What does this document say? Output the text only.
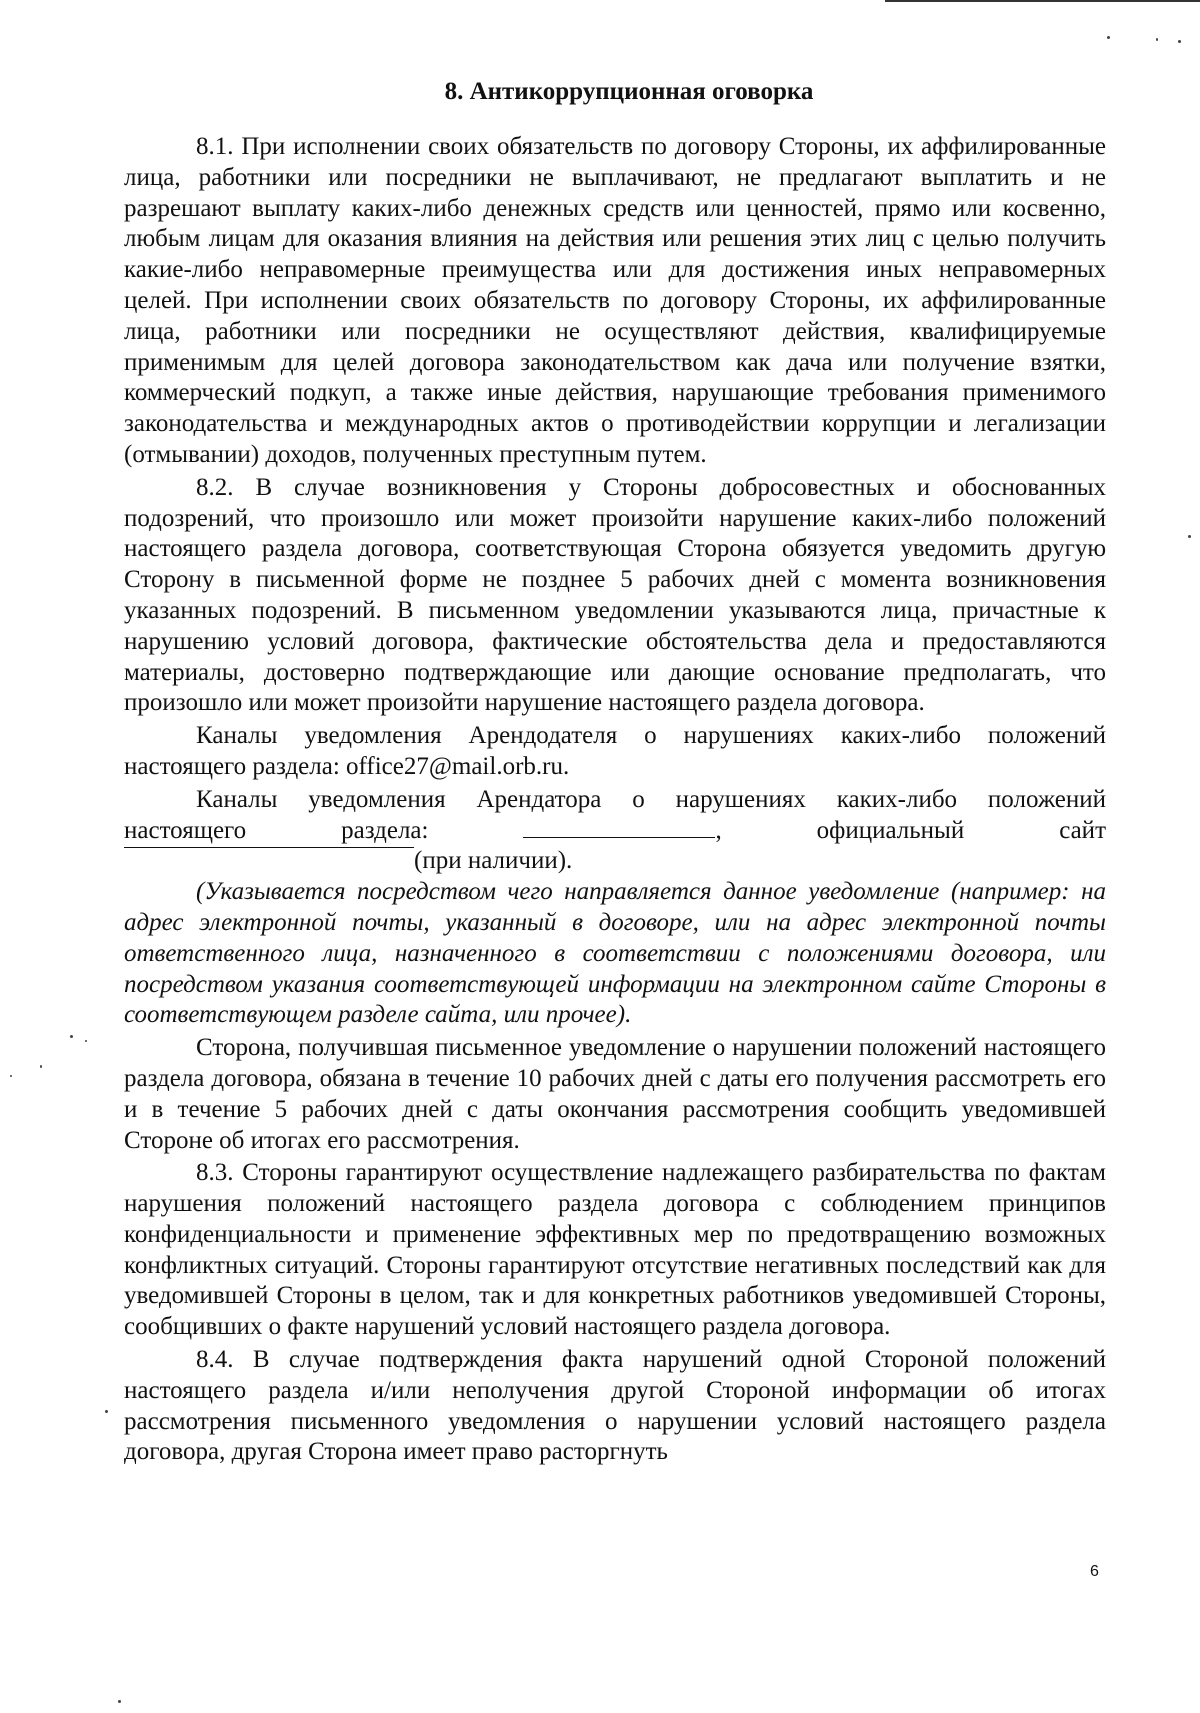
8. Антикоррупционная оговорка

8.1. При исполнении своих обязательств по договору Стороны, их аффилированные лица, работники или посредники не выплачивают, не предлагают выплатить и не разрешают выплату каких-либо денежных средств или ценностей, прямо или косвенно, любым лицам для оказания влияния на действия или решения этих лиц с целью получить какие-либо неправомерные преимущества или для достижения иных неправомерных целей. При исполнении своих обязательств по договору Стороны, их аффилированные лица, работники или посредники не осуществляют действия, квалифицируемые применимым для целей договора законодательством как дача или получение взятки, коммерческий подкуп, а также иные действия, нарушающие требования применимого законодательства и международных актов о противодействии коррупции и легализации (отмывании) доходов, полученных преступным путем.

8.2. В случае возникновения у Стороны добросовестных и обоснованных подозрений, что произошло или может произойти нарушение каких-либо положений настоящего раздела договора, соответствующая Сторона обязуется уведомить другую Сторону в письменной форме не позднее 5 рабочих дней с момента возникновения указанных подозрений. В письменном уведомлении указываются лица, причастные к нарушению условий договора, фактические обстоятельства дела и предоставляются материалы, достоверно подтверждающие или дающие основание предполагать, что произошло или может произойти нарушение настоящего раздела договора.

Каналы уведомления Арендодателя о нарушениях каких-либо положений настоящего раздела: office27@mail.orb.ru.

Каналы уведомления Арендатора о нарушениях каких-либо положений

настоящего	раздела:	,	официальный	сайт
(при наличии).

(Указывается посредством чего направляется данное уведомление (например: на адрес электронной почты, указанный в договоре, или на адрес электронной почты ответственного лица, назначенного в соответствии с положениями договора, или посредством указания соответствующей информации на электронном сайте Стороны в соответствующем разделе сайта, или прочее).

Сторона, получившая письменное уведомление о нарушении положений настоящего раздела договора, обязана в течение 10 рабочих дней с даты его получения рассмотреть его и в течение 5 рабочих дней с даты окончания рассмотрения сообщить уведомившей Стороне об итогах его рассмотрения.

8.3. Стороны гарантируют осуществление надлежащего разбирательства по фактам нарушения положений настоящего раздела договора с соблюдением принципов конфиденциальности и применение эффективных мер по предотвращению возможных конфликтных ситуаций. Стороны гарантируют отсутствие негативных последствий как для уведомившей Стороны в целом, так и для конкретных работников уведомившей Стороны, сообщивших о факте нарушений условий настоящего раздела договора.

8.4. В случае подтверждения факта нарушений одной Стороной положений настоящего раздела и/или неполучения другой Стороной информации об итогах рассмотрения письменного уведомления о нарушении условий настоящего раздела договора, другая Сторона имеет право расторгнуть

6
